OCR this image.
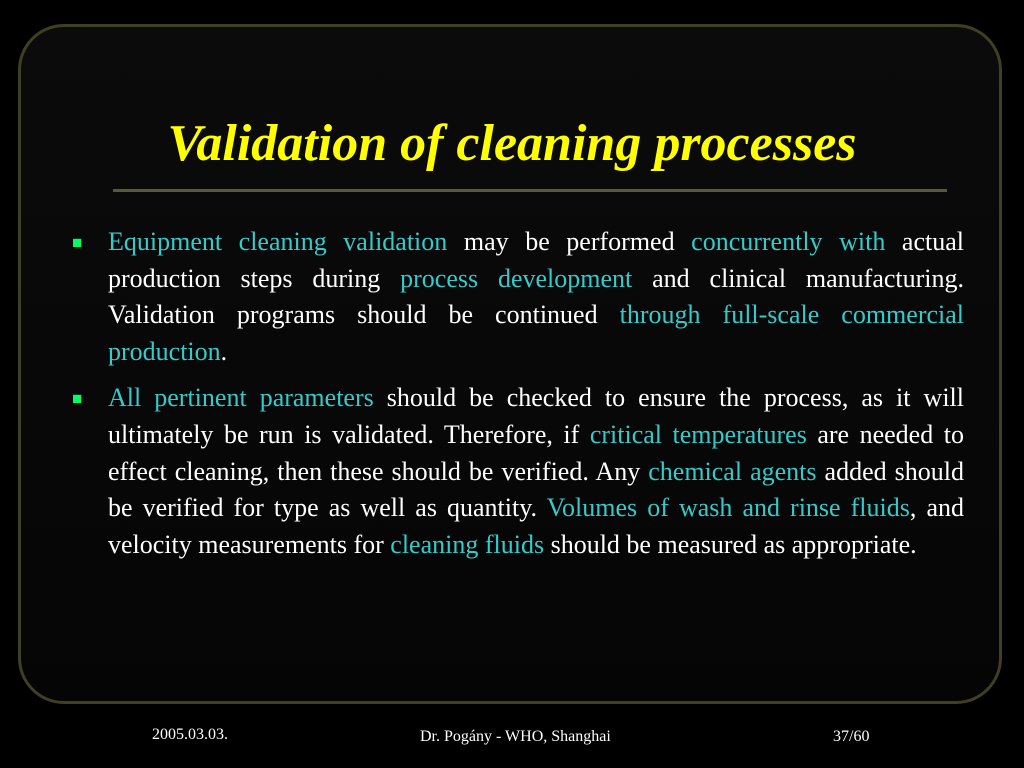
Validation of cleaning processes
■ Equipment cleaning validation may be performed concurrently with actual production steps during process development and clinical manufacturing. Validation programs should be continued through full-scale commercial production.
■ All pertinent parameters should be checked to ensure the process, as it will ultimately be run is validated. Therefore, if critical temperatures are needed to effect cleaning, then these should be verified. Any chemical agents added should be verified for type as well as quantity. Volumes of wash and rinse fluids, and velocity measurements for cleaning fluids should be measured as appropriate.
2005.03.03.	Dr. Pogány - WHO, Shanghai	37/60
